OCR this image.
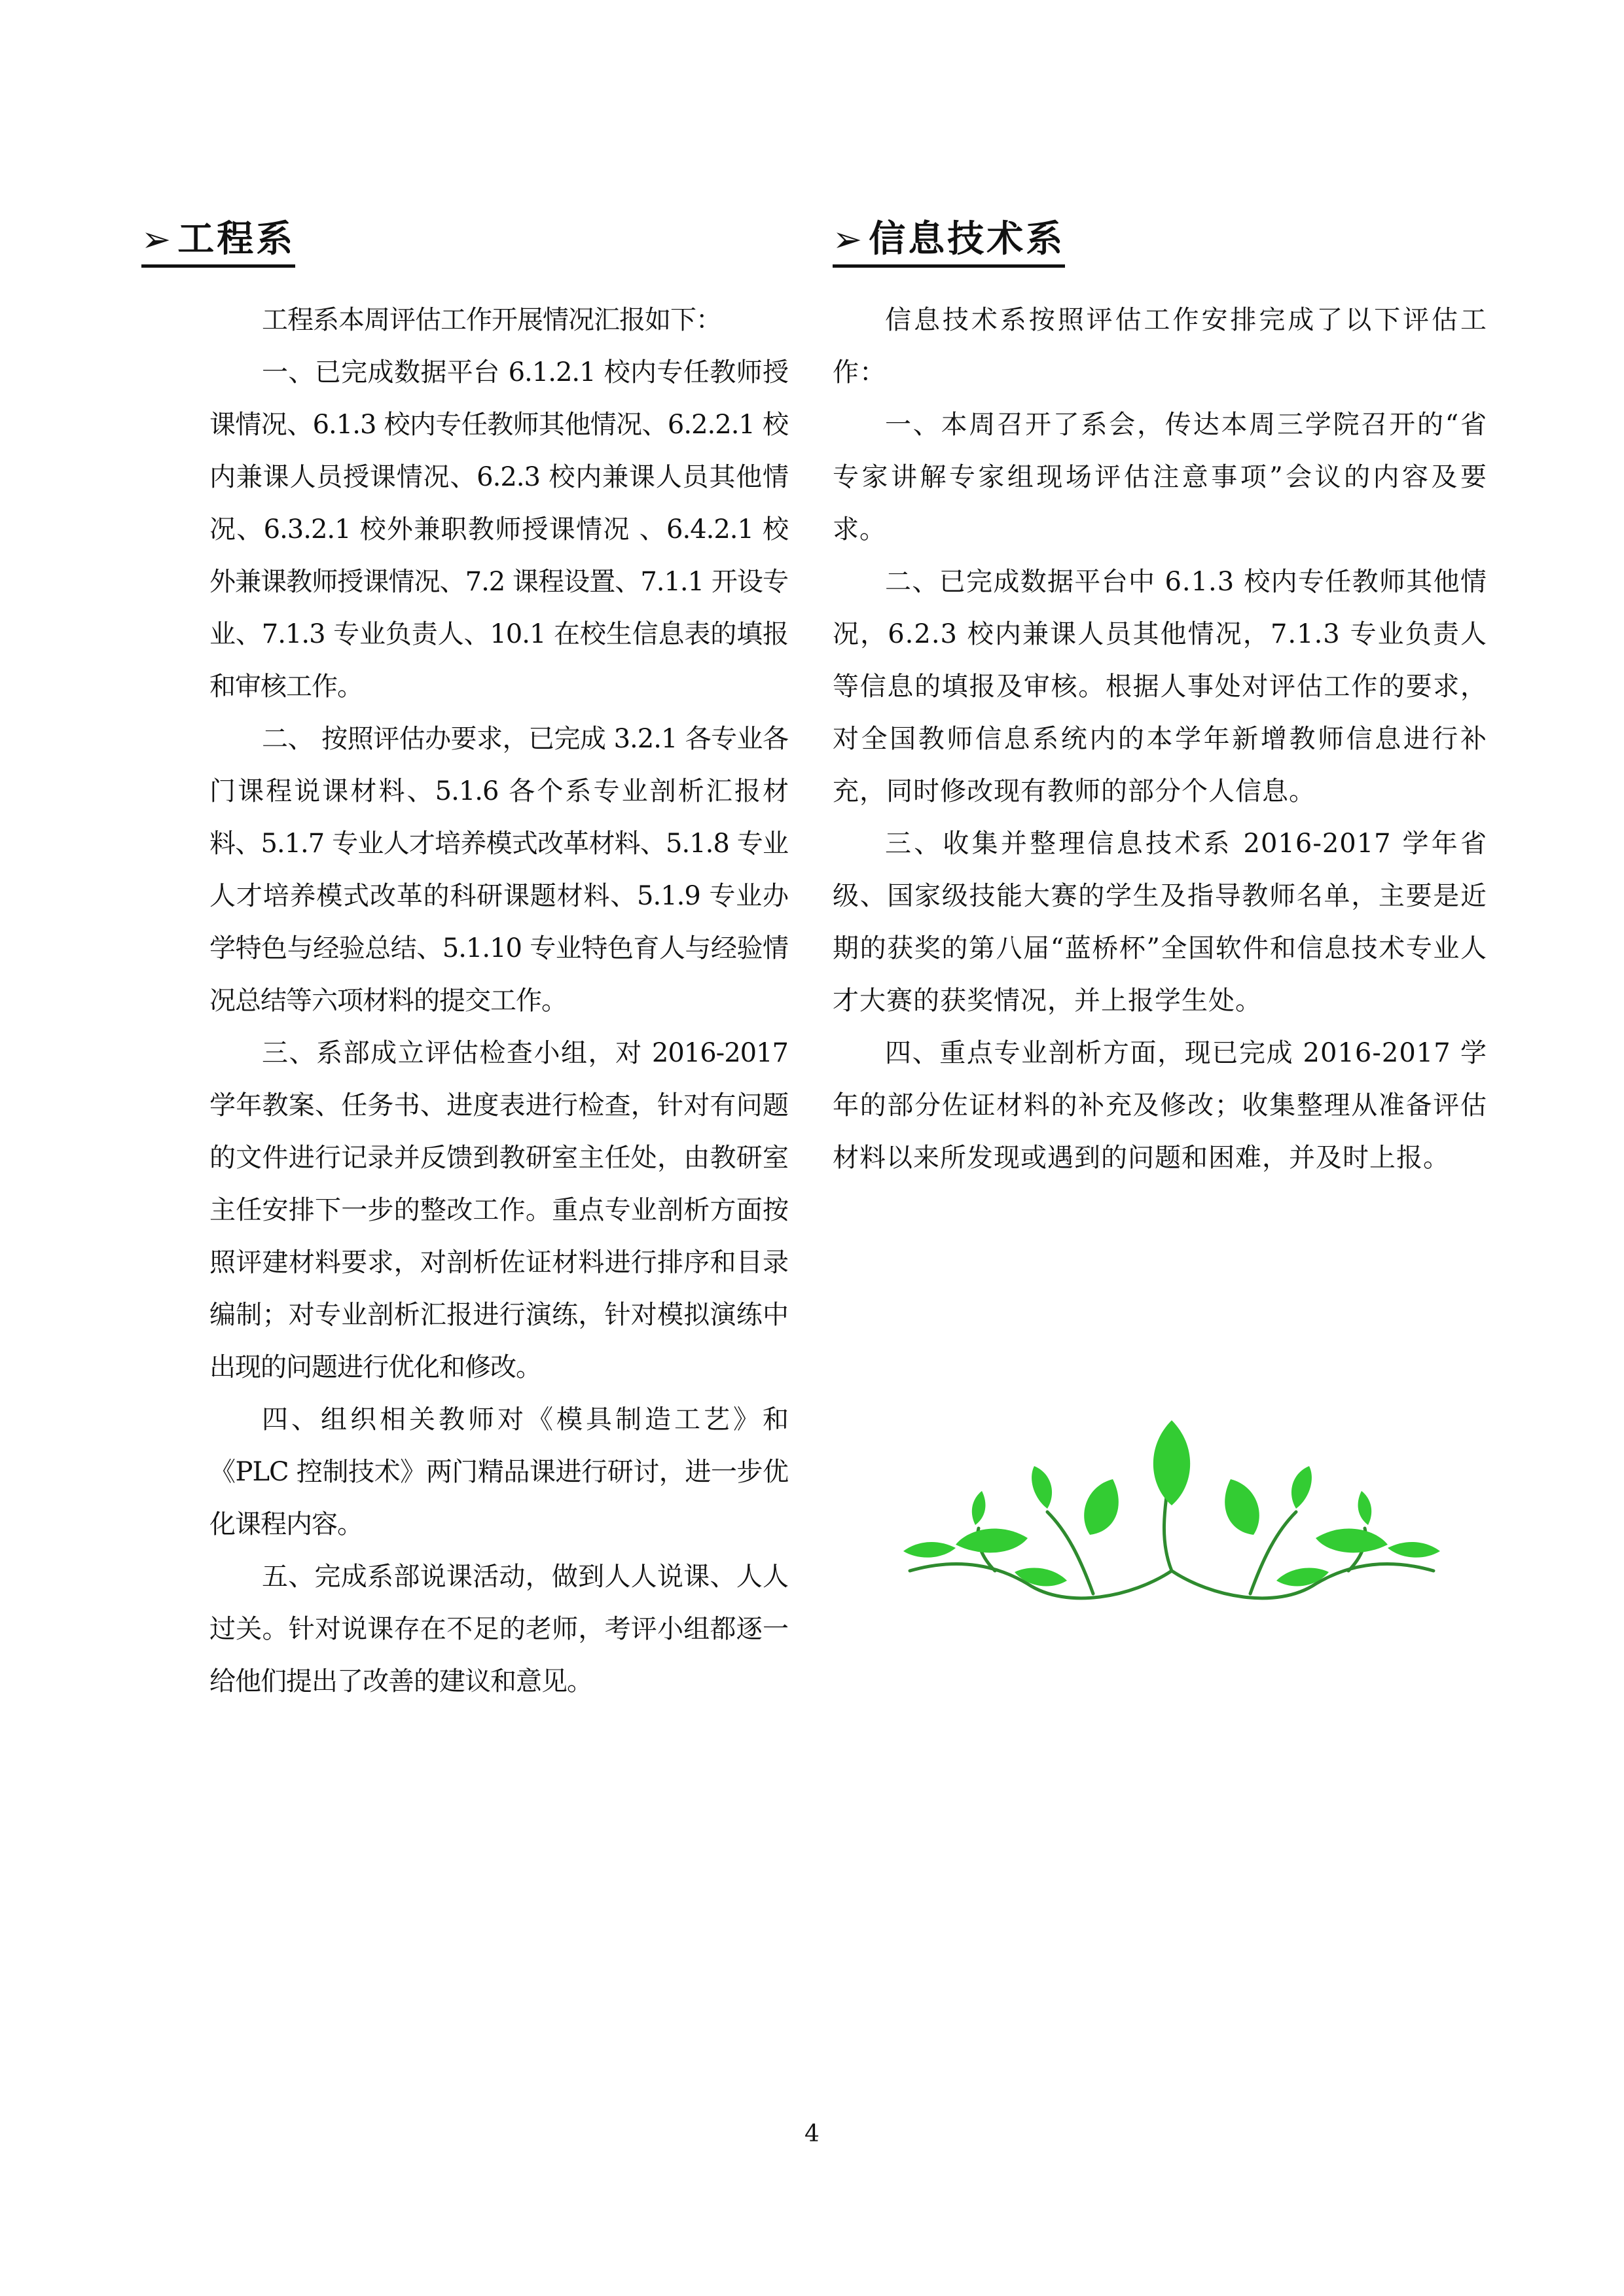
➢ 工程系

工程系本周评估工作开展情况汇报如下：

一、已完成数据平台 6.1.2.1 校内专任教师授课情况、6.1.3 校内专任教师其他情况、6.2.2.1 校内兼课人员授课情况、6.2.3 校内兼课人员其他情况、6.3.2.1 校外兼职教师授课情况 、6.4.2.1 校外兼课教师授课情况、7.2 课程设置、7.1.1 开设专业、7.1.3 专业负责人、10.1 在校生信息表的填报和审核工作。

二、 按照评估办要求，已完成 3.2.1 各专业各门课程说课材料、5.1.6 各个系专业剖析汇报材料、5.1.7 专业人才培养模式改革材料、5.1.8 专业人才培养模式改革的科研课题材料、5.1.9 专业办学特色与经验总结、5.1.10 专业特色育人与经验情况总结等六项材料的提交工作。

三、系部成立评估检查小组，对 2016-2017 学年教案、任务书、进度表进行检查，针对有问题的文件进行记录并反馈到教研室主任处，由教研室主任安排下一步的整改工作。重点专业剖析方面按照评建材料要求，对剖析佐证材料进行排序和目录编制；对专业剖析汇报进行演练，针对模拟演练中出现的问题进行优化和修改。

四、组织相关教师对《模具制造工艺》和《PLC 控制技术》两门精品课进行研讨，进一步优化课程内容。

五、完成系部说课活动，做到人人说课、人人过关。针对说课存在不足的老师，考评小组都逐一给他们提出了改善的建议和意见。

➢ 信息技术系

信息技术系按照评估工作安排完成了以下评估工作：

一、本周召开了系会，传达本周三学院召开的“省专家讲解专家组现场评估注意事项”会议的内容及要求。

二、已完成数据平台中 6.1.3 校内专任教师其他情况，6.2.3 校内兼课人员其他情况，7.1.3 专业负责人等信息的填报及审核。根据人事处对评估工作的要求，对全国教师信息系统内的本学年新增教师信息进行补充，同时修改现有教师的部分个人信息。

三、收集并整理信息技术系 2016-2017 学年省级、国家级技能大赛的学生及指导教师名单，主要是近期的获奖的第八届“蓝桥杯”全国软件和信息技术专业人才大赛的获奖情况，并上报学生处。

四、重点专业剖析方面，现已完成 2016-2017 学年的部分佐证材料的补充及修改；收集整理从准备评估材料以来所发现或遇到的问题和困难，并及时上报。

4
